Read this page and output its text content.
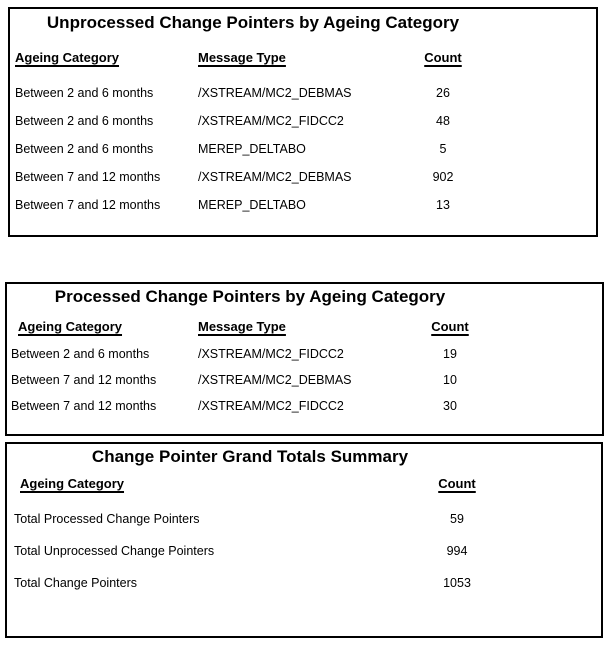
Unprocessed Change Pointers by Ageing Category
Ageing Category	Message Type	Count
Between 2 and 6 months	/XSTREAM/MC2_DEBMAS	26
Between 2 and 6 months	/XSTREAM/MC2_FIDCC2	48
Between 2 and 6 months	MEREP_DELTABO	5
Between 7 and 12 months	/XSTREAM/MC2_DEBMAS	902
Between 7 and 12 months	MEREP_DELTABO	13
Processed Change Pointers by Ageing Category
Ageing Category	Message Type	Count
Between 2 and 6 months	/XSTREAM/MC2_FIDCC2	19
Between 7 and 12 months	/XSTREAM/MC2_DEBMAS	10
Between 7 and 12 months	/XSTREAM/MC2_FIDCC2	30
Change Pointer Grand Totals Summary
Ageing Category	Count
Total Processed Change Pointers	59
Total Unprocessed Change Pointers	994
Total Change Pointers	1053
